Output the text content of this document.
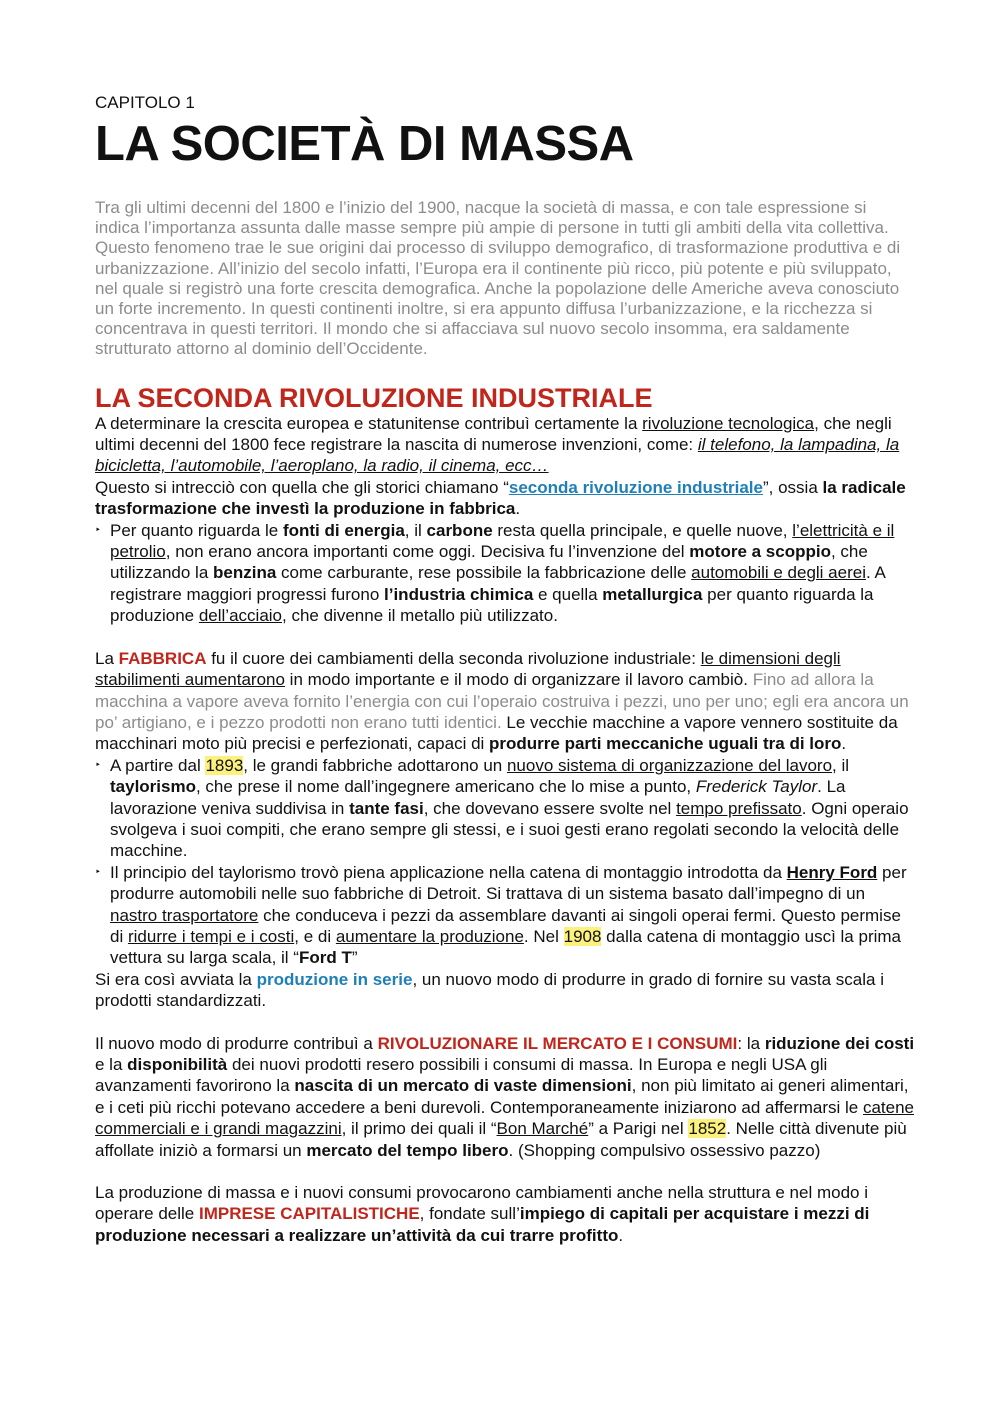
CAPITOLO 1

LA SOCIETÀ DI MASSA

Tra gli ultimi decenni del 1800 e l’inizio del 1900, nacque la società di massa, e con tale espressione si indica l’importanza assunta dalle masse sempre più ampie di persone in tutti gli ambiti della vita collettiva. Questo fenomeno trae le sue origini dai processo di sviluppo demografico, di trasformazione produttiva e di urbanizzazione. All’inizio del secolo infatti, l’Europa era il continente più ricco, più potente e più sviluppato, nel quale si registrò una forte crescita demografica. Anche la popolazione delle Americhe aveva conosciuto un forte incremento. In questi continenti inoltre, si era appunto diffusa l’urbanizzazione, e la ricchezza si concentrava in questi territori. Il mondo che si affacciava sul nuovo secolo insomma, era saldamente strutturato attorno al dominio dell’Occidente.

LA SECONDA RIVOLUZIONE INDUSTRIALE

A determinare la crescita europea e statunitense contribuì certamente la rivoluzione tecnologica, che negli ultimi decenni del 1800 fece registrare la nascita di numerose invenzioni, come: il telefono, la lampadina, la bicicletta, l’automobile, l’aeroplano, la radio, il cinema, ecc…
Questo si intrecciò con quella che gli storici chiamano “seconda rivoluzione industriale”, ossia la radicale trasformazione che investì la produzione in fabbrica.

‣ Per quanto riguarda le fonti di energia, il carbone resta quella principale, e quelle nuove, l’elettricità e il petrolio, non erano ancora importanti come oggi. Decisiva fu l’invenzione del motore a scoppio, che utilizzando la benzina come carburante, rese possibile la fabbricazione delle automobili e degli aerei. A registrare maggiori progressi furono l’industria chimica e quella metallurgica per quanto riguarda la produzione dell’acciaio, che divenne il metallo più utilizzato.

La FABBRICA fu il cuore dei cambiamenti della seconda rivoluzione industriale: le dimensioni degli stabilimenti aumentarono in modo importante e il modo di organizzare il lavoro cambiò. Fino ad allora la macchina a vapore aveva fornito l’energia con cui l’operaio costruiva i pezzi, uno per uno; egli era ancora un po’ artigiano, e i pezzo prodotti non erano tutti identici. Le vecchie macchine a vapore vennero sostituite da macchinari moto più precisi e perfezionati, capaci di produrre parti meccaniche uguali tra di loro.

‣ A partire dal 1893, le grandi fabbriche adottarono un nuovo sistema di organizzazione del lavoro, il taylorismo, che prese il nome dall’ingegnere americano che lo mise a punto, Frederick Taylor. La lavorazione veniva suddivisa in tante fasi, che dovevano essere svolte nel tempo prefissato. Ogni operaio svolgeva i suoi compiti, che erano sempre gli stessi, e i suoi gesti erano regolati secondo la velocità delle macchine.
‣ Il principio del taylorismo trovò piena applicazione nella catena di montaggio introdotta da Henry Ford per produrre automobili nelle suo fabbriche di Detroit. Si trattava di un sistema basato dall’impegno di un nastro trasportatore che conduceva i pezzi da assemblare davanti ai singoli operai fermi. Questo permise di ridurre i tempi e i costi, e di aumentare la produzione. Nel 1908 dalla catena di montaggio uscì la prima vettura su larga scala, il “Ford T”

Si era così avviata la produzione in serie, un nuovo modo di produrre in grado di fornire su vasta scala i prodotti standardizzati.

Il nuovo modo di produrre contribuì a RIVOLUZIONARE IL MERCATO E I CONSUMI: la riduzione dei costi e la disponibilità dei nuovi prodotti resero possibili i consumi di massa. In Europa e negli USA gli avanzamenti favorirono la nascita di un mercato di vaste dimensioni, non più limitato ai generi alimentari, e i ceti più ricchi potevano accedere a beni durevoli. Contemporaneamente iniziarono ad affermarsi le catene commerciali e i grandi magazzini, il primo dei quali il “Bon Marché” a Parigi nel 1852. Nelle città divenute più affollate iniziò a formarsi un mercato del tempo libero. (Shopping compulsivo ossessivo pazzo)

La produzione di massa e i nuovi consumi provocarono cambiamenti anche nella struttura e nel modo i operare delle IMPRESE CAPITALISTICHE, fondate sull’impiego di capitali per acquistare i mezzi di produzione necessari a realizzare un’attività da cui trarre profitto.
